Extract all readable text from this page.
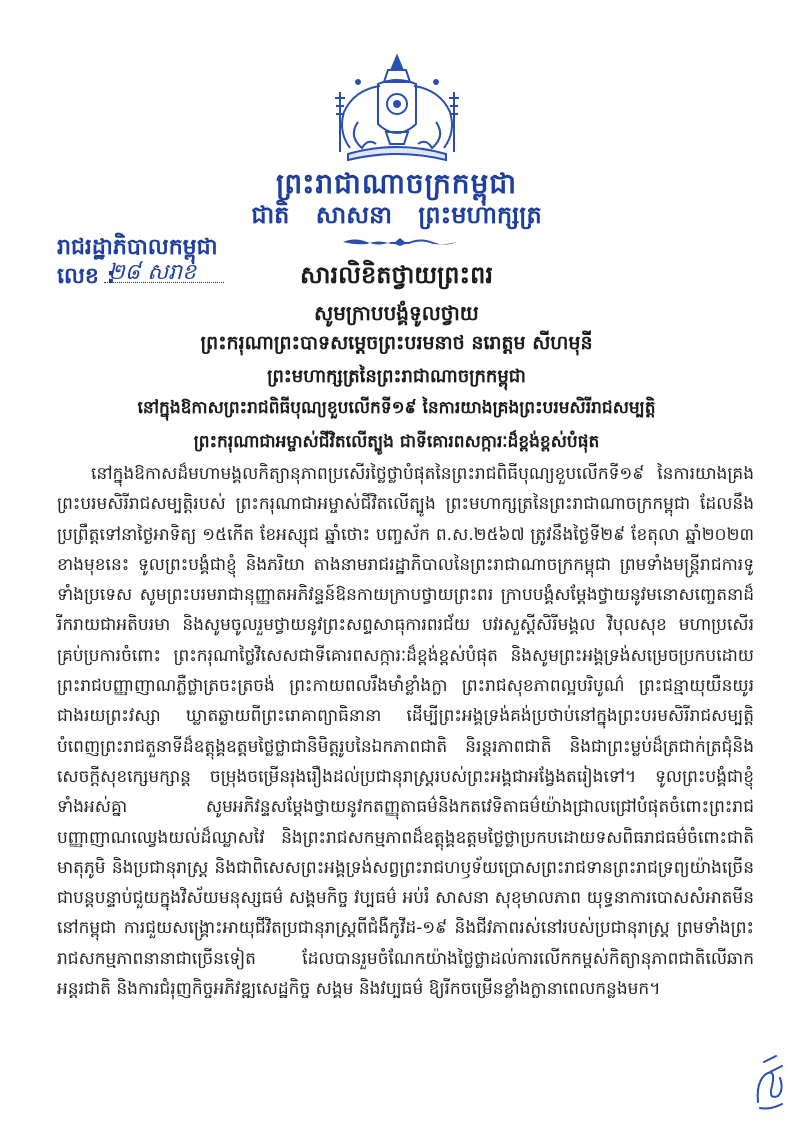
ព្រះរាជាណាចក្រកម្ពុជា
ជាតិ សាសនា ព្រះមហាក្សត្រ
រាជរដ្ឋាភិបាលកម្ពុជា
លេខ :
២៨ សរាខ	សារលិខិតថ្វាយព្រះពរ
សូមក្រាបបង្គំទូលថ្វាយ
ព្រះករុណាព្រះបាទសម្តេចព្រះបរមនាថ នរោត្តម សីហមុនី
ព្រះមហាក្សត្រនៃព្រះរាជាណាចក្រកម្ពុជា
នៅក្នុងឱកាសព្រះរាជពិធីបុណ្យខួបលើកទី១៩ នៃការយាងគ្រងព្រះបរមសិរីរាជសម្បត្តិ
ព្រះករុណាជាអម្ចាស់ជីវិតលើត្បូង ជាទីគោរពសក្ការៈដ៏ខ្ពង់ខ្ពស់បំផុត

នៅក្នុងឱកាសដ៏មហាមង្គលកិត្យានុភាពប្រសើរថ្លៃថ្លាបំផុតនៃព្រះរាជពិធីបុណ្យខួបលើកទី១៩ នៃការយាងគ្រងព្រះបរមសិរីរាជសម្បត្តិរបស់ ព្រះករុណាជាអម្ចាស់ជីវិតលើត្បូង ព្រះមហាក្សត្រនៃព្រះរាជាណាចក្រកម្ពុជា ដែលនឹងប្រព្រឹត្តទៅនាថ្ងៃអាទិត្យ ១៥កើត ខែអស្សុជ ឆ្នាំថោះ បញ្ចស័ក ព.ស.២៥៦៧ ត្រូវនឹងថ្ងៃទី២៩ ខែតុលា ឆ្នាំ២០២៣ ខាងមុខនេះ ទូលព្រះបង្គំជាខ្ញុំ និងភរិយា តាងនាមរាជរដ្ឋាភិបាលនៃព្រះរាជាណាចក្រកម្ពុជា ព្រមទាំងមន្ត្រីរាជការទូទាំងប្រទេស សូមព្រះបរមរាជានុញ្ញាតអភិវន្ទន៍ឱនកាយក្រាបថ្វាយព្រះពរ ក្រាបបង្គំសម្តែងថ្វាយនូវមនោសញ្ចេតនាដ៏រីករាយជាអតិបរមា និងសូមចូលរួមថ្វាយនូវព្រះសព្ទសាធុការពរជ័យ បវរសួស្តីសិរីមង្គល វិបុលសុខ មហាប្រសើរគ្រប់ប្រការចំពោះ ព្រះករុណាថ្លៃវិសេសជាទីគោរពសក្ការៈដ៏ខ្ពង់ខ្ពស់បំផុត និងសូមព្រះអង្គទ្រង់សម្រេចប្រកបដោយព្រះរាជបញ្ញាញាណភ្លឺថ្លាត្រចះត្រចង់ ព្រះកាយពលរឹងមាំខ្លាំងក្លា ព្រះរាជសុខភាពល្អបរិបូណ៌ ព្រះជន្មាយុយឺនយូរជាងរយព្រះវស្សា ឃ្លាតឆ្ងាយពីព្រះរោគាព្យាធិនានា ដើម្បីព្រះអង្គទ្រង់គង់ប្រថាប់នៅក្នុងព្រះបរមសិរីរាជសម្បត្តិ បំពេញព្រះរាជតួនាទីដ៏ឧត្តុង្គឧត្តមថ្លៃថ្លាជានិមិត្តរូបនៃឯកភាពជាតិ និរន្តរភាពជាតិ និងជាព្រះម្លប់ដ៏ត្រជាក់ត្រជុំនិងសេចក្តីសុខក្សេមក្សាន្ត ចម្រុងចម្រើនរុងរឿងដល់ប្រជានុរាស្ត្ររបស់ព្រះអង្គជាអង្វែងតរៀងទៅ។ ទូលព្រះបង្គំជាខ្ញុំទាំងអស់គ្នា សូមអភិវន្ទសម្តែងថ្វាយនូវកតញ្ញុតាធម៌និងកតវេទិតាធម៌យ៉ាងជ្រាលជ្រៅបំផុតចំពោះព្រះរាជបញ្ញាញាណឈ្វេងយល់ដ៏ឈ្លាសវៃ និងព្រះរាជសកម្មភាពដ៏ឧត្តុង្គឧត្តមថ្លៃថ្លាប្រកបដោយទសពិធរាជធម៌ចំពោះជាតិមាតុភូមិ និងប្រជានុរាស្ត្រ និងជាពិសេសព្រះអង្គទ្រង់សព្វព្រះរាជហឫទ័យប្រោសព្រះរាជទានព្រះរាជទ្រព្យយ៉ាងច្រើនជាបន្តបន្ទាប់ជួយក្នុងវិស័យមនុស្សធម៌ សង្គមកិច្ច វប្បធម៌ អប់រំ សាសនា សុខុមាលភាព យុទ្ធនាការបោសសំអាតមីននៅកម្ពុជា ការជួយសង្គ្រោះអាយុជីវិតប្រជានុរាស្ត្រពីជំងឺកូវីដ-១៩ និងជីវភាពរស់នៅរបស់ប្រជានុរាស្ត្រ ព្រមទាំងព្រះរាជសកម្មភាពនានាជាច្រើនទៀត ដែលបានរួមចំណែកយ៉ាងថ្លៃថ្លាដល់ការលើកកម្ពស់កិត្យានុភាពជាតិលើឆាកអន្តរជាតិ និងការជំរុញកិច្ចអភិវឌ្ឍសេដ្ឋកិច្ច សង្គម និងវប្បធម៌ ឱ្យរីកចម្រើនខ្លាំងក្លានាពេលកន្លងមក។
